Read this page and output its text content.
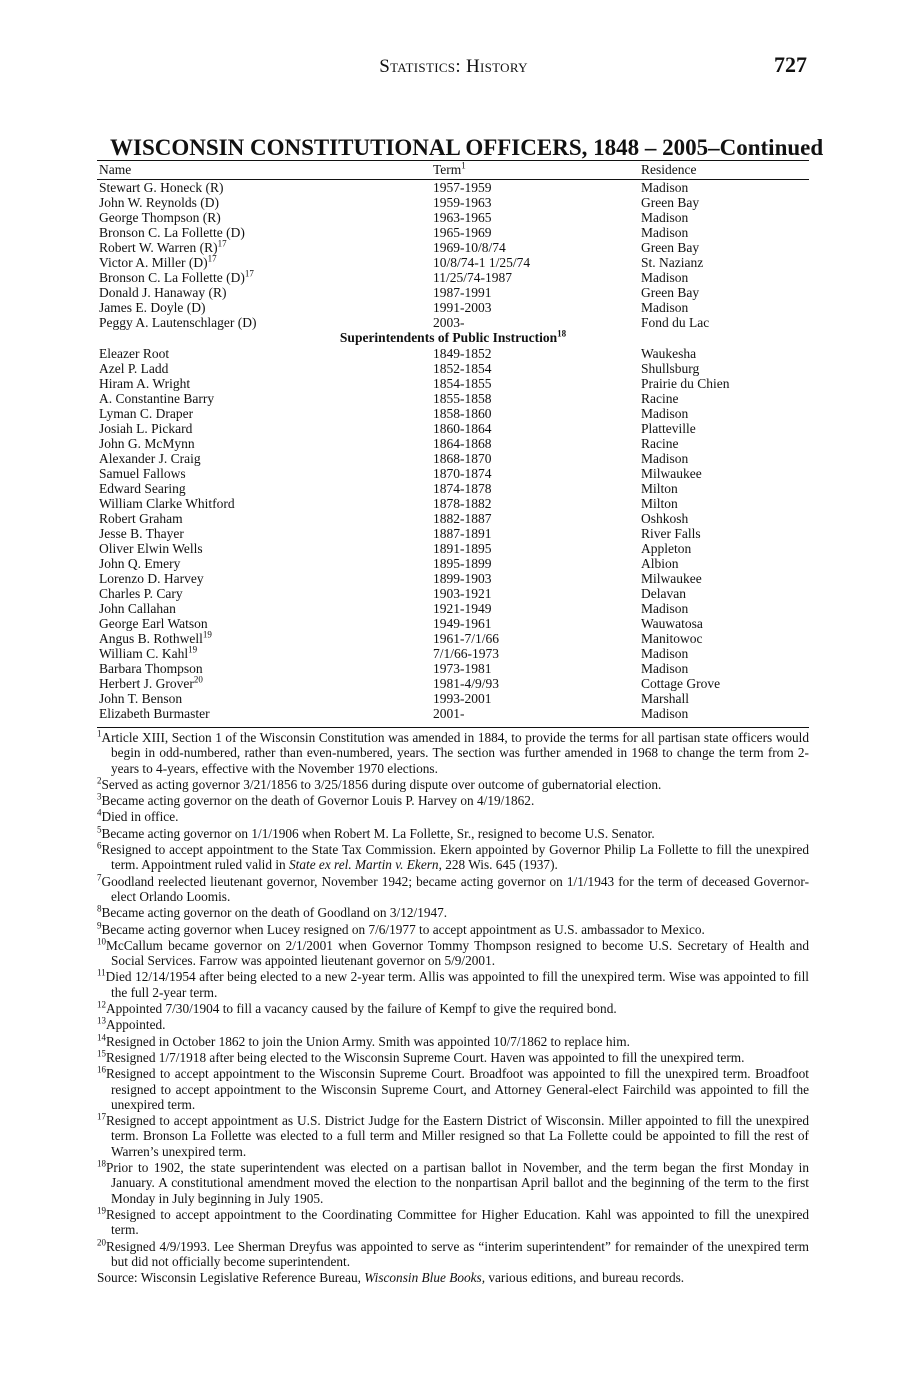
Statistics: History	727
WISCONSIN CONSTITUTIONAL OFFICERS, 1848 – 2005–Continued
Name	Term$^1$	Residence
Stewart G. Honeck (R)	1957-1959	Madison
John W. Reynolds (D)	1959-1963	Green Bay
George Thompson (R)	1963-1965	Madison
Bronson C. La Follette (D)	1965-1969	Madison
Robert W. Warren $(R)^{17}$	1969-10/8/74	Green Bay
Victor A. Miller $(D)^{17}$	10/8/74-1 1/25/74	St. Nazianz
Bronson C. La Follette $(D)^{17}$	11/25/74-1987	Madison
Donald J. Hanaway (R)	1987-1991	Green Bay
James E. Doyle (D)	1991-2003	Madison
Peggy A. Lautenschlager (D)	2003-	Fond du Lac
Superintendents of Public Instruction$^{18}$
Eleazer Root	1849-1852	Waukesha
Azel P. Ladd	1852-1854	Shullsburg
Hiram A. Wright	1854-1855	Prairie du Chien
A. Constantine Barry	1855-1858	Racine
Lyman C. Draper	1858-1860	Madison
Josiah L. Pickard	1860-1864	Platteville
John G. McMynn	1864-1868	Racine
Alexander J. Craig	1868-1870	Madison
Samuel Fallows	1870-1874	Milwaukee
Edward Searing	1874-1878	Milton
William Clarke Whitford	1878-1882	Milton
Robert Graham	1882-1887	Oshkosh
Jesse B. Thayer	1887-1891	River Falls
Oliver Elwin Wells	1891-1895	Appleton
John Q. Emery	1895-1899	Albion
Lorenzo D. Harvey	1899-1903	Milwaukee
Charles P. Cary	1903-1921	Delavan
John Callahan	1921-1949	Madison
George Earl Watson	1949-1961	Wauwatosa
Angus B. Rothwell$^{19}$	1961-7/1/66	Manitowoc
William C. Kahl$^{19}$	7/1/66-1973	Madison
Barbara Thompson	1973-1981	Madison
Herbert J. Grover$^{20}$	1981-4/9/93	Cottage Grove
John T. Benson	1993-2001	Marshall
Elizabeth Burmaster	2001-	Madison
$^1$Article XIII, Section 1 of the Wisconsin Constitution was amended in 1884, to provide the terms for all partisan state officers would begin in odd-numbered, rather than even-numbered, years. The section was further amended in 1968 to change the term from 2-years to 4-years, effective with the November 1970 elections.
$^2$Served as acting governor 3/21/1856 to 3/25/1856 during dispute over outcome of gubernatorial election.
$^3$Became acting governor on the death of Governor Louis P. Harvey on 4/19/1862.
$^4$Died in office.
$^5$Became acting governor on 1/1/1906 when Robert M. La Follette, Sr., resigned to become U.S. Senator.
$^6$Resigned to accept appointment to the State Tax Commission. Ekern appointed by Governor Philip La Follette to fill the unexpired term. Appointment ruled valid in State ex rel. Martin v. Ekern, 228 Wis. 645 (1937).
$^7$Goodland reelected lieutenant governor, November 1942; became acting governor on 1/1/1943 for the term of deceased Governor-elect Orlando Loomis.
$^8$Became acting governor on the death of Goodland on 3/12/1947.
$^9$Became acting governor when Lucey resigned on 7/6/1977 to accept appointment as U.S. ambassador to Mexico.
$^{10}$McCallum became governor on 2/1/2001 when Governor Tommy Thompson resigned to become U.S. Secretary of Health and Social Services. Farrow was appointed lieutenant governor on 5/9/2001.
$^{11}$Died 12/14/1954 after being elected to a new 2-year term. Allis was appointed to fill the unexpired term. Wise was appointed to fill the full 2-year term.
$^{12}$Appointed 7/30/1904 to fill a vacancy caused by the failure of Kempf to give the required bond.
$^{13}$Appointed.
$^{14}$Resigned in October 1862 to join the Union Army. Smith was appointed 10/7/1862 to replace him.
$^{15}$Resigned 1/7/1918 after being elected to the Wisconsin Supreme Court. Haven was appointed to fill the unexpired term.
$^{16}$Resigned to accept appointment to the Wisconsin Supreme Court. Broadfoot was appointed to fill the unexpired term. Broadfoot resigned to accept appointment to the Wisconsin Supreme Court, and Attorney General-elect Fairchild was appointed to fill the unexpired term.
$^{17}$Resigned to accept appointment as U.S. District Judge for the Eastern District of Wisconsin. Miller appointed to fill the unexpired term. Bronson La Follette was elected to a full term and Miller resigned so that La Follette could be appointed to fill the rest of Warren’s unexpired term.
$^{18}$Prior to 1902, the state superintendent was elected on a partisan ballot in November, and the term began the first Monday in January. A constitutional amendment moved the election to the nonpartisan April ballot and the beginning of the term to the first Monday in July beginning in July 1905.
$^{19}$Resigned to accept appointment to the Coordinating Committee for Higher Education. Kahl was appointed to fill the unexpired term.
$^{20}$Resigned 4/9/1993. Lee Sherman Dreyfus was appointed to serve as “interim superintendent” for remainder of the unexpired term but did not officially become superintendent.
Source: Wisconsin Legislative Reference Bureau, Wisconsin Blue Books, various editions, and bureau records.
